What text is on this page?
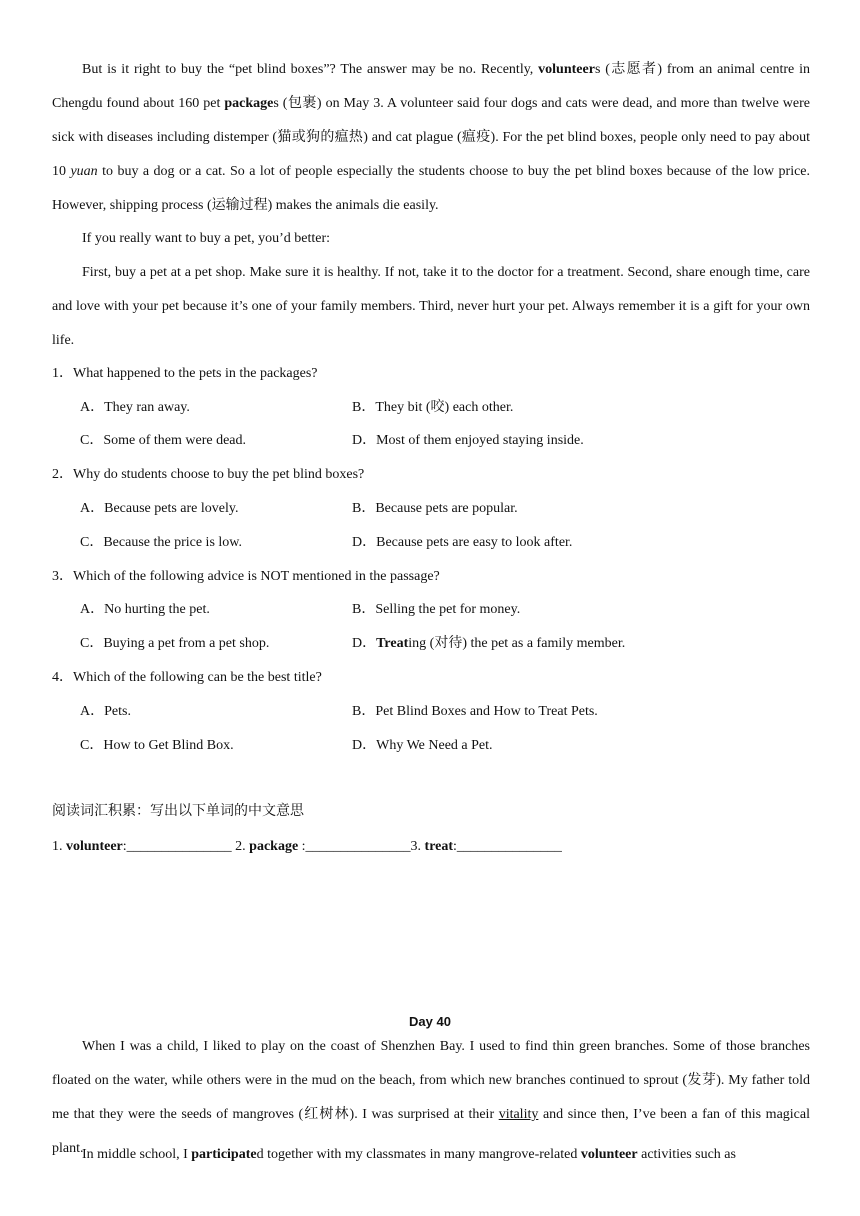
But is it right to buy the “pet blind boxes”? The answer may be no. Recently, volunteers (志愿者) from an animal centre in Chengdu found about 160 pet packages (包裹) on May 3. A volunteer said four dogs and cats were dead, and more than twelve were sick with diseases including distemper (猫或狗的瘟热) and cat plague (瘟疫). For the pet blind boxes, people only need to pay about 10 yuan to buy a dog or a cat. So a lot of people especially the students choose to buy the pet blind boxes because of the low price. However, shipping process (运输过程) makes the animals die easily.

If you really want to buy a pet, you’d better:

First, buy a pet at a pet shop. Make sure it is healthy. If not, take it to the doctor for a treatment. Second, share enough time, care and love with your pet because it’s one of your family members. Third, never hurt your pet. Always remember it is a gift for your own life.

1．What happened to the pets in the packages?
A．They ran away.	B．They bit (咬) each other.
C．Some of them were dead.	D．Most of them enjoyed staying inside.
2．Why do students choose to buy the pet blind boxes?
A．Because pets are lovely.	B．Because pets are popular.
C．Because the price is low.	D．Because pets are easy to look after.
3．Which of the following advice is NOT mentioned in the passage?
A．No hurting the pet.	B．Selling the pet for money.
C．Buying a pet from a pet shop.	D．Treating (对待) the pet as a family member.
4．Which of the following can be the best title?
A．Pets.	B．Pet Blind Boxes and How to Treat Pets.
C．How to Get Blind Box.	D．Why We Need a Pet.
阅读词汇积累：写出以下单词的中文意思
1. volunteer:_______________ 2. package :_______________3. treat:_______________
Day 40

When I was a child, I liked to play on the coast of Shenzhen Bay. I used to find thin green branches. Some of those branches floated on the water, while others were in the mud on the beach, from which new branches continued to sprout (发芽). My father told me that they were the seeds of mangroves (红树林). I was surprised at their vitality and since then, I’ve been a fan of this magical plant.

In middle school, I participated together with my classmates in many mangrove-related volunteer activities such as
